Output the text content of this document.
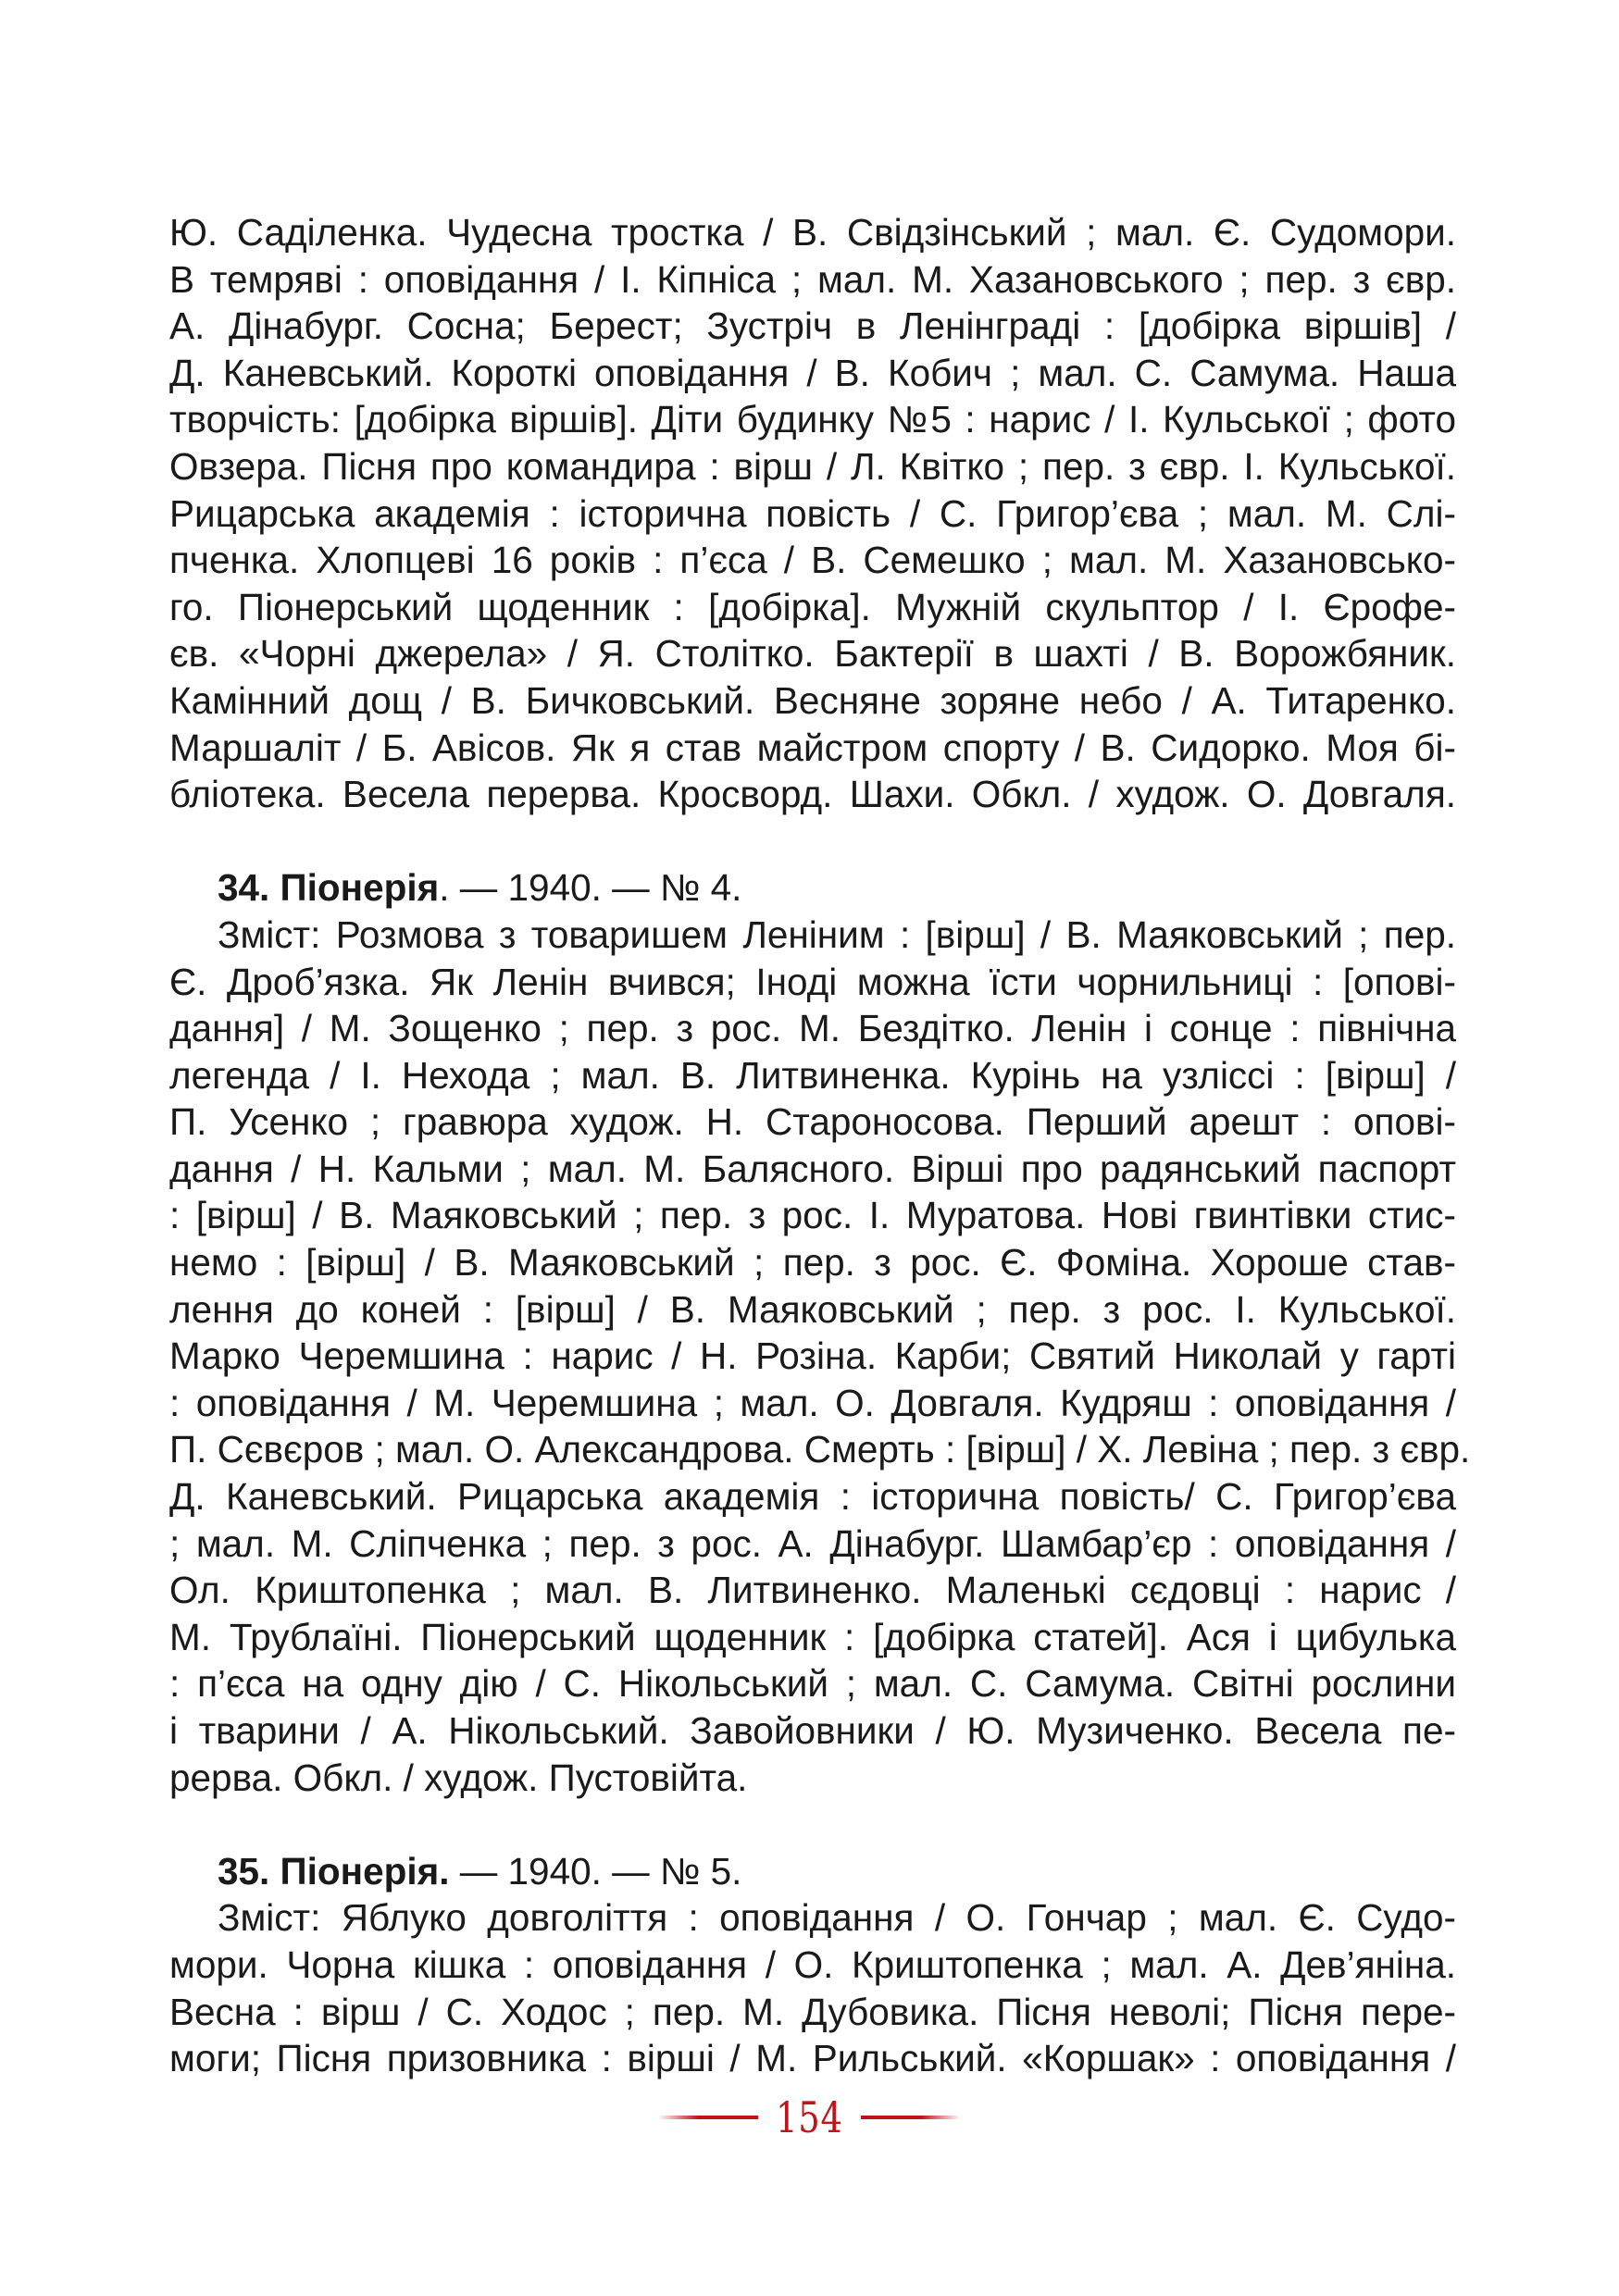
Ю. Саділенка. Чудесна тростка / В. Свідзінський ; мал. Є. Судомори.
В темряві : оповідання / І. Кіпніса ; мал. М. Хазановського ; пер. з євр.
А. Дінабург. Сосна; Берест; Зустріч в Ленінграді : [добірка віршів] /
Д. Каневський. Короткі оповідання / В. Кобич ; мал. С. Самума. Наша
творчість: [добірка віршів]. Діти будинку №5 : нарис / І. Кульської ; фото
Овзера. Пісня про командира : вірш / Л. Квітко ; пер. з євр. І. Кульської.
Рицарська академія : історична повість / С. Григор’єва ; мал. М. Слі-
пченка. Хлопцеві 16 років : п’єса / В. Семешко ; мал. М. Хазановсько-
го. Піонерський щоденник : [добірка]. Мужній скульптор / І. Єрофе-
єв. «Чорні джерела» / Я. Столітко. Бактерії в шахті / В. Ворожбяник.
Камінний дощ / В. Бичковський. Весняне зоряне небо / А. Титаренко.
Маршаліт / Б. Авісов. Як я став майстром спорту / В. Сидорко. Моя бі-
бліотека. Весела перерва. Кросворд. Шахи. Обкл. / худож. О. Довгаля.
34. Піонерія. — 1940. — № 4.
Зміст: Розмова з товаришем Леніним : [вірш] / В. Маяковський ; пер.
Є. Дроб’язка. Як Ленін вчився; Іноді можна їсти чорнильниці : [опові-
дання] / М. Зощенко ; пер. з рос. М. Бездітко. Ленін і сонце : північна
легенда / І. Нехода ; мал. В. Литвиненка. Курінь на узліссі : [вірш] /
П. Усенко ; гравюра худож. Н. Староносова. Перший арешт : опові-
дання / Н. Кальми ; мал. М. Балясного. Вірші про радянський паспорт
: [вірш] / В. Маяковський ; пер. з рос. І. Муратова. Нові гвинтівки стис-
немо : [вірш] / В. Маяковський ; пер. з рос. Є. Фоміна. Хороше став-
лення до коней : [вірш] / В. Маяковський ; пер. з рос. І. Кульської.
Марко Черемшина : нарис / Н. Розіна. Карби; Святий Николай у гарті
: оповідання / М. Черемшина ; мал. О. Довгаля. Кудряш : оповідання /
П. Сєвєров ; мал. О. Александрова. Смерть : [вірш] / Х. Левіна ; пер. з євр.
Д. Каневський. Рицарська академія : історична повість/ С. Григор’єва
; мал. М. Сліпченка ; пер. з рос. А. Дінабург. Шамбар’єр : оповідання /
Ол. Криштопенка ; мал. В. Литвиненко. Маленькі сєдовці : нарис /
М. Трублаїні. Піонерський щоденник : [добірка статей]. Ася і цибулька
: п’єса на одну дію / С. Нікольський ; мал. С. Самума. Світні рослини
і тварини / А. Нікольський. Завойовники / Ю. Музиченко. Весела пе-
рерва. Обкл. / худож. Пустовійта.
35. Піонерія. — 1940. — № 5.
Зміст: Яблуко довголіття : оповідання / О. Гончар ; мал. Є. Судо-
мори. Чорна кішка : оповідання / О. Криштопенка ; мал. А. Дев’яніна.
Весна : вірш / С. Ходос ; пер. М. Дубовика. Пісня неволі; Пісня пере-
моги; Пісня призовника : вірші / М. Рильський. «Коршак» : оповідання /
154
